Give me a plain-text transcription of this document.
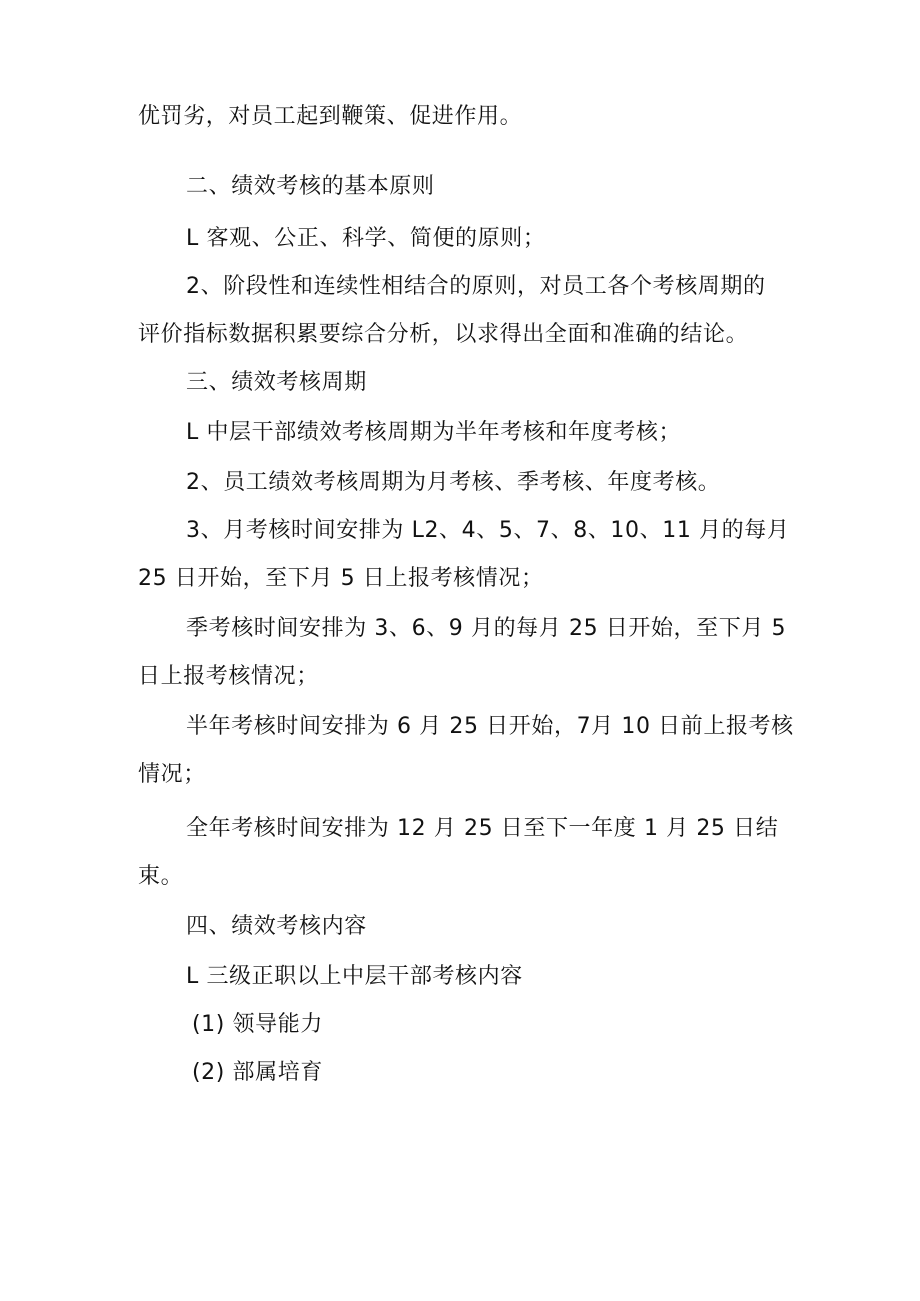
优罚劣，对员工起到鞭策、促进作用。
二、绩效考核的基本原则
L 客观、公正、科学、简便的原则；
2、阶段性和连续性相结合的原则，对员工各个考核周期的
评价指标数据积累要综合分析，以求得出全面和准确的结论。
三、绩效考核周期
L 中层干部绩效考核周期为半年考核和年度考核；
2、员工绩效考核周期为月考核、季考核、年度考核。
3、月考核时间安排为 L2、4、5、7、8、10、11 月的每月
25 日开始，至下月 5 日上报考核情况；
季考核时间安排为 3、6、9 月的每月 25 日开始，至下月 5
日上报考核情况；
半年考核时间安排为 6 月 25 日开始，7月 10 日前上报考核
情况；
全年考核时间安排为 12 月 25 日至下一年度 1 月 25 日结
束。
四、绩效考核内容
L 三级正职以上中层干部考核内容
(1) 领导能力
(2) 部属培育
